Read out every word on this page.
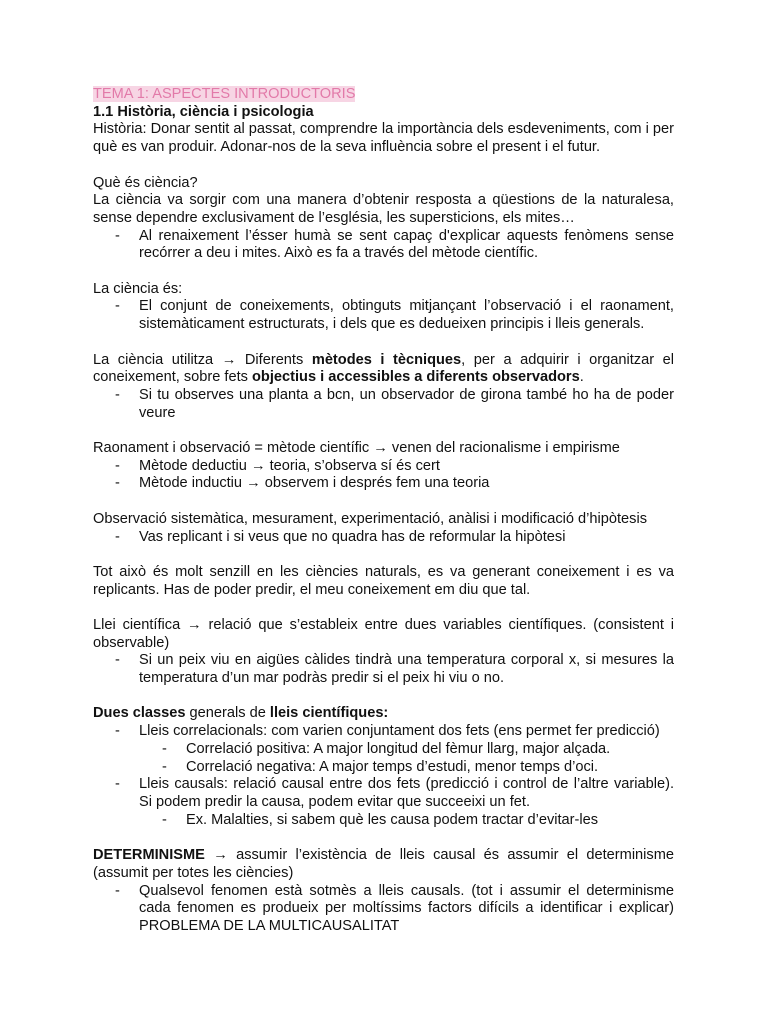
TEMA 1: ASPECTES INTRODUCTORIS

1.1 Història, ciència i psicologia

Història: Donar sentit al passat, comprendre la importància dels esdeveniments, com i per què es van produir. Adonar-nos de la seva influència sobre el present i el futur.

Què és ciència?

La ciència va sorgir com una manera d’obtenir resposta a qüestions de la naturalesa, sense dependre exclusivament de l’església, les supersticions, els mites…

- Al renaixement l’ésser humà se sent capaç d'explicar aquests fenòmens sense recórrer a deu i mites. Això es fa a través del mètode científic.

La ciència és:

- El conjunt de coneixements, obtinguts mitjançant l’observació i el raonament, sistemàticament estructurats, i dels que es dedueixen principis i lleis generals.

La ciència utilitza → Diferents mètodes i tècniques, per a adquirir i organitzar el coneixement, sobre fets objectius i accessibles a diferents observadors.

- Si tu observes una planta a bcn, un observador de girona també ho ha de poder veure

Raonament i observació = mètode científic → venen del racionalisme i empirisme

- Mètode deductiu → teoria, s’observa sí és cert

- Mètode inductiu → observem i després fem una teoria

Observació sistemàtica, mesurament, experimentació, anàlisi i modificació d’hipòtesis

- Vas replicant i si veus que no quadra has de reformular la hipòtesi

Tot això és molt senzill en les ciències naturals, es va generant coneixement i es va replicants. Has de poder predir, el meu coneixement em diu que tal.

Llei científica → relació que s’estableix entre dues variables científiques. (consistent i observable)

- Si un peix viu en aigües càlides tindrà una temperatura corporal x, si mesures la temperatura d’un mar podràs predir si el peix hi viu o no.

Dues classes generals de lleis científiques:

- Lleis correlacionals: com varien conjuntament dos fets (ens permet fer predicció)

- Correlació positiva: A major longitud del fèmur llarg, major alçada.

- Correlació negativa: A major temps d’estudi, menor temps d’oci.

- Lleis causals: relació causal entre dos fets (predicció i control de l’altre variable). Si podem predir la causa, podem evitar que succeeixi un fet.

- Ex. Malalties, si sabem què les causa podem tractar d’evitar-les

DETERMINISME → assumir l’existència de lleis causal és assumir el determinisme (assumit per totes les ciències)

- Qualsevol fenomen està sotmès a lleis causals. (tot i assumir el determinisme cada fenomen es produeix per moltíssims factors difícils a identificar i explicar) PROBLEMA DE LA MULTICAUSALITAT
